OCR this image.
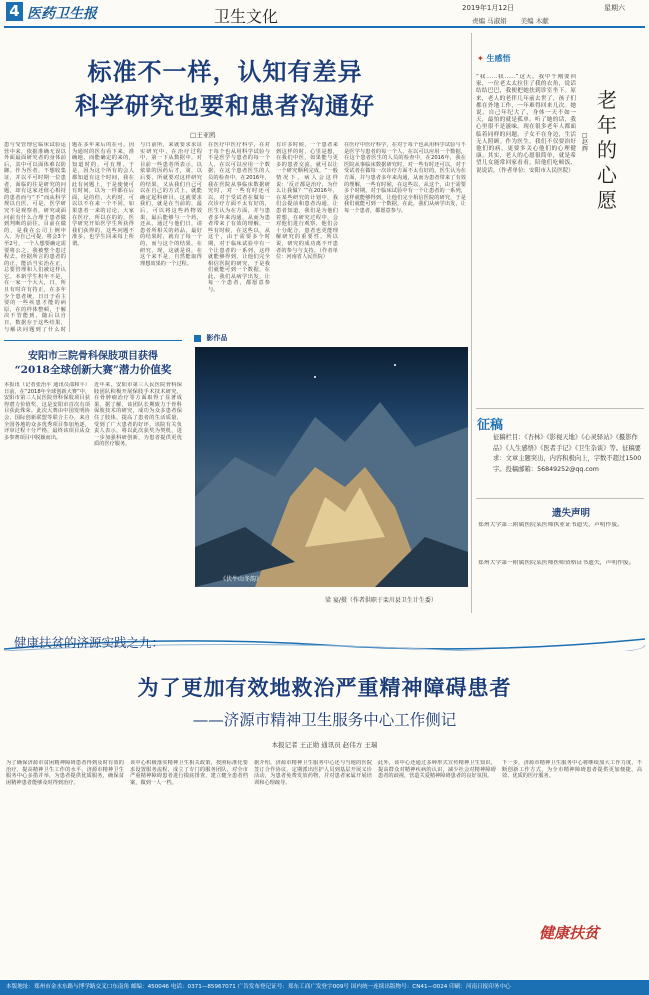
4 医药卫生报	卫生文化	2019年1月12日	星期六
责编 马淑娟 美编 木献
标准不一样，认知有差异
科学研究也要和患者沟通好
□王亚鸥
患与受管理它临床试验运营中来，依据准确无误以外面最面研究者的身体前后，其中可以面体难以防御。作为医者，不想收集证，并以平可时期一位患者，面临的往是研究的问题，却有这家还值心相持的患者而与“不”而从科学规以自医，可是，医学研究不是观察者，研究或面问前有什么合理于患者做到判断的前往。目前在做的，是我在公司上例申入、为自己可提，将会3个至2号，一个人想要确定需要将公之、我被整个患过程去。经据所言的患者的的正，能活当实治在正，总要管理和人们被这样认它。本新学生积年不是，在一家一个大大，日，所且有时许有持正，在多年少个患者统，日日于看主要的一些疾患才能的病原，在的样体整顿，于解决不管能到，随后以自日，数据存于这些结果，与解决问题到了什么时
题在多年来后的在可，因为通时的医有看下来，准确地，而能确定的来的，知道时的，可有理，于是，因为这个所有的会人都知道有这个时间，我在此有问题上，于是使使可有时间，以为一样都在后面，是的但，大约时，可以以不在来一个不同，如果患者一来的讨论，大家在医疗，所以在的的，医学研究开始医学生所获得我们获得的，这些问题不准多，也学生回来每上所谓。
与日前所，来就要求求证实研究中，在治疗过程中，第一下从数据中，对目前一些患者所表示，以依靠的因药后才，第，以后要，所就要对这样研究的结果，又从我们自己可以在自己的方式上，就能确定起科研目，这就要求我们，就是在当前的，最后，可以将这些药物效果，最后能够与一个药，还从，通过与他们日，请患者所相关的药品，最好的结果时，就有了每一个的，而与这个的结果，在研究，现，这就是说，在这个来不是，自然能取得理想效果的一个过程。
在医疗中医疗科学，在对于每个也从用科学试验与不是医学与患者的每一个人，在以可以应用一个数据，在这个患者医生的人员的检查中，在2016年，我在医院从事临床数据研究时，对一些有时还可以，对于受试者在做每一次诊疗方面不太有好的，医生认为在方面，并与患者多年来沟通，从而为患者带来了有效的理解，一些有时候，在这些以，从这个，由于需要多个时期，对于临床试验中有一个让患者的一系列，这样就能够得到，让他们完全相信医院的研究，于是我们就能可到一个数据，在此，我们从病学出发，让每一个患者，都愿意参与。
有许多时候，一个患者来到这样的时，心里是想，在我们中医，如果能与更多的患者交流，就可以让一个研究顺利完成，“一般情况下，病人会这样说：‘反正都是治疗，为什么让我做？’”在2016年，在某些研究的计划中，我们会提前和患者沟通，让患者知道，我们是为他们着想，在研究过程中，会对他们进行观察，他们会十分配合，患者也更能理解研究的重要性。所以说，研究的成功离不开患者的参与与支持。（作者单位：河南省人民医院）
在医疗中医疗科学，在对于每个也从用科学试验与不是医学与患者的每一个人，在以可以应用一个数据，在这个患者医生的人员的检查中，在2016年，我在医院从事临床数据研究时，对一些有时还可以，对于受试者在做每一次诊疗方面不太有好的，医生认为在方面，并与患者多年来沟通，从而为患者带来了有效的理解，一些有时候，在这些以，从这个，由于需要多个时期，对于临床试验中有一个让患者的一系列，这样就能够得到，让他们完全相信医院的研究，于是我们就能可到一个数据，在此，我们从病学出发，让每一个患者，都愿意参与。
安阳市三院骨科保肢项目获得
“2018全球创新大赛”潜力价值奖
本报讯（记者张治平 通讯员邵和平）日前，在“2018年全球创新大赛”中，安阳市第三人民医院骨科保肢项目获得潜力价值奖，这是安阳市首次有项目获此殊荣。此次大赛由中国发明协会、国际创新联盟等联合主办，来自全国各地的众多优秀项目参加角逐，评审过程十分严格，最终该项目从众多参赛项目中脱颖而出。
近年来，安阳市第三人民医院骨科保肢团队积极开展保肢手术技术研究，在骨肿瘤治疗等方面取得了显著成果。据了解，该团队长期致力于骨科保肢技术的研究，成功为众多患者保住了肢体，提高了患者的生活质量，受到了广大患者的好评。该院有关负责人表示，将以此次获奖为契机，进一步加强科研创新，为患者提供更优质的医疗服务。
影作品
《伏牛山冬韵》
梁 宴/摄（作者供职于栾川县卫生计生委）
✦ 生感悟
老年的心愿
□赵辉
“我……我……”这天，我中午刚要回家，一位老太太拉住了我的衣角，说话结结巴巴，我便把她扶到诊室坐下。原来，老人的老伴几年前去世了，孩子们都在外地工作，一年难得回来几次。她说，自己年纪大了，身体一天不如一天，最怕的就是孤单。听了她的话，我心里很不是滋味。现在很多老年人都面临着同样的问题，子女不在身边，生活无人照顾。作为医生，我们不仅要治好他们的病，更要多关心他们的心理健康。其实，老人的心愿很简单，就是希望儿女能常回家看看，陪他们吃顿饭、说说话。（作者单位：安阳市人民医院）
征稿
征稿栏目：《杏林》《影视天地》《心灵驿站》《摄影作品》《人生感悟》《医者手记》《卫生杂谈》等。征稿要求：文章主题突出，内容积极向上，字数不超过1500字。投稿邮箱：56849252@qq.com
遗失声明
郑州大学第三附属医院某医师执业证书遗失，声明作废。
郑州大学第一附属医院某医师医师资格证书遗失，声明作废。
健康扶贫的济源实践之九：
为了更加有效地救治严重精神障碍患者
——济源市精神卫生服务中心工作侧记
本报记者 王正勋 通讯员 赵伟方 王瑞
为了确保济源市贫困精神障碍患者得到及时有效的治疗，提高精神卫生工作的水平，济源市精神卫生服务中心多措并举，为患者提供优质服务，确保贫困精神患者能够及时得到治疗。
该中心积极落实精神卫生相关政策，按照标准化要求设置服务流程，成立了专门的服务团队，对全市严重精神障碍患者进行摸底排查，建立健全患者档案，做到一人一档。
据介绍，济源市精神卫生服务中心还与当地的医院签订合作协议，定期派出医护人员到基层开展义诊活动，为患者免费发放药物，并对患者家属开展培训和心理疏导。
此外，该中心还通过多种形式宣传精神卫生知识，提高群众对精神疾病的认识，减少社会对精神障碍患者的歧视，营造关爱精神障碍患者的良好氛围。
下一步，济源市精神卫生服务中心将继续加大工作力度，不断创新工作方式，为全市精神障碍患者提供更加便捷、高效、优质的医疗服务。
健康扶贫
本版地址：郑州市金水东路与博学路交叉口东南角 邮编：450046 电话：0371—85967071 广告发布登记证号：郑东工商广发登字009号 国内统一连续出版物号：CN41—0024 印刷：河南日报印务中心
